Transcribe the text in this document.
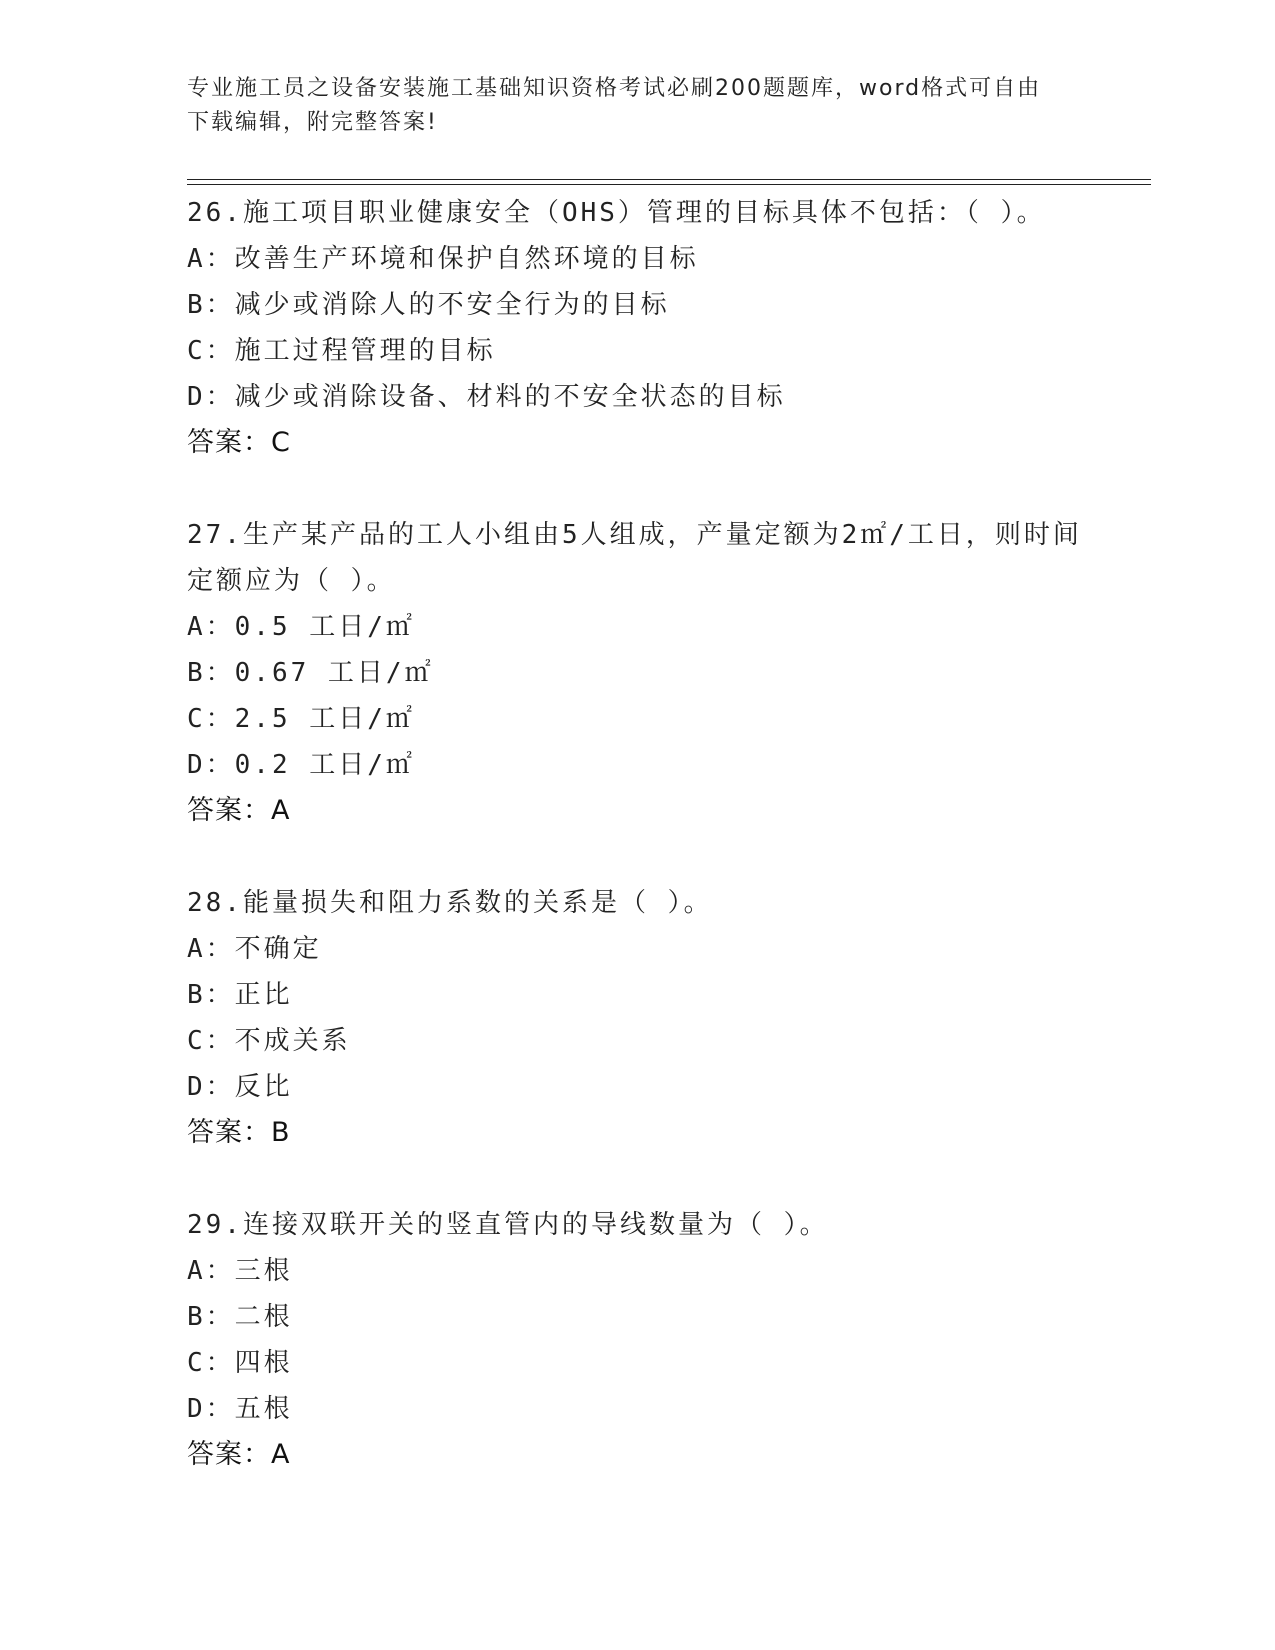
专业施工员之设备安装施工基础知识资格考试必刷200题题库，word格式可自由
下载编辑，附完整答案!
26.施工项目职业健康安全（OHS）管理的目标具体不包括：（ ）。
A：改善生产环境和保护自然环境的目标
B：减少或消除人的不安全行为的目标
C：施工过程管理的目标
D：减少或消除设备、材料的不安全状态的目标
答案：C
27.生产某产品的工人小组由5人组成，产量定额为2㎡/工日，则时间
定额应为（ ）。
A：0.5 工日/㎡
B：0.67 工日/㎡
C：2.5 工日/㎡
D：0.2 工日/㎡
答案：A
28.能量损失和阻力系数的关系是（ ）。
A：不确定
B：正比
C：不成关系
D：反比
答案：B
29.连接双联开关的竖直管内的导线数量为（ ）。
A：三根
B：二根
C：四根
D：五根
答案：A
